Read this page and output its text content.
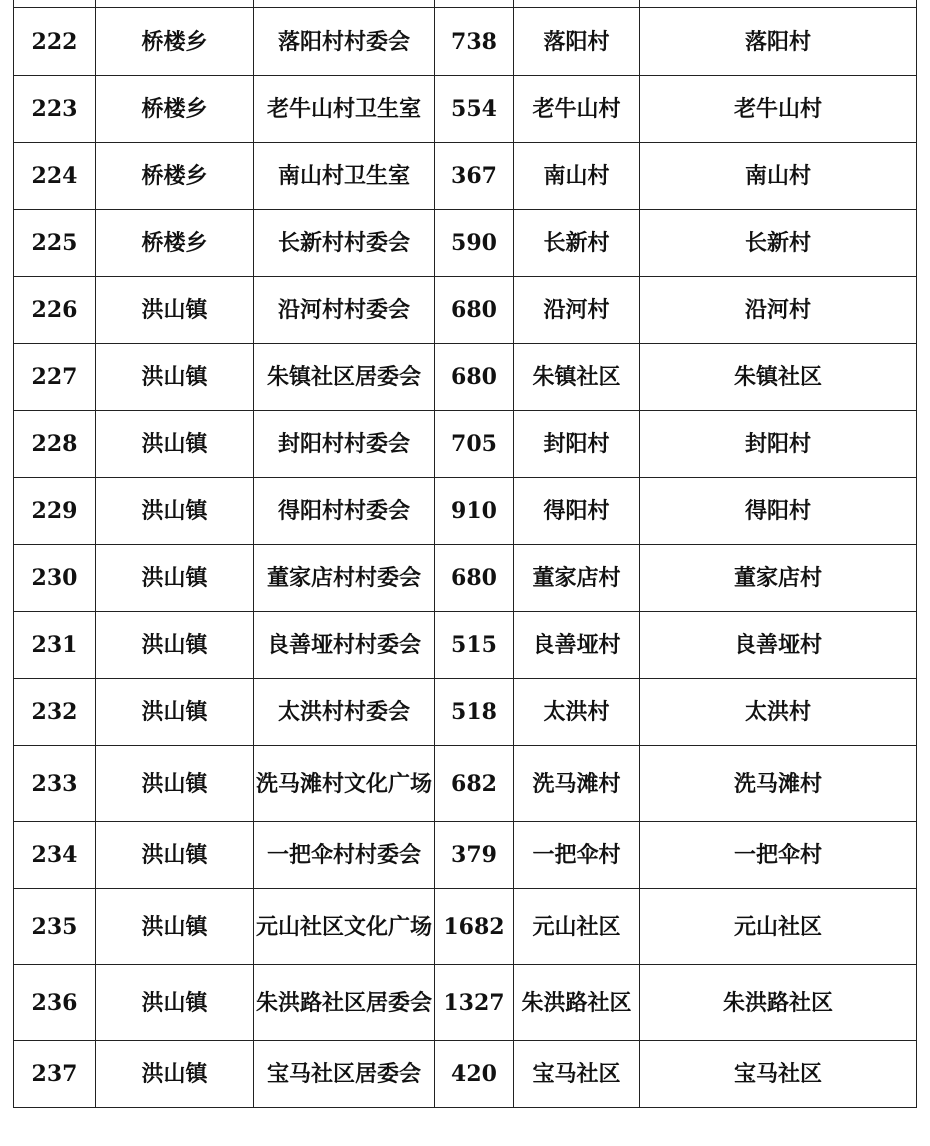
222	桥楼乡	落阳村村委会	738	落阳村	落阳村
223	桥楼乡	老牛山村卫生室	554	老牛山村	老牛山村
224	桥楼乡	南山村卫生室	367	南山村	南山村
225	桥楼乡	长新村村委会	590	长新村	长新村
226	洪山镇	沿河村村委会	680	沿河村	沿河村
227	洪山镇	朱镇社区居委会	680	朱镇社区	朱镇社区
228	洪山镇	封阳村村委会	705	封阳村	封阳村
229	洪山镇	得阳村村委会	910	得阳村	得阳村
230	洪山镇	董家店村村委会	680	董家店村	董家店村
231	洪山镇	良善垭村村委会	515	良善垭村	良善垭村
232	洪山镇	太洪村村委会	518	太洪村	太洪村
233	洪山镇	洗马滩村文化广场	682	洗马滩村	洗马滩村
234	洪山镇	一把伞村村委会	379	一把伞村	一把伞村
235	洪山镇	元山社区文化广场	1682	元山社区	元山社区
236	洪山镇	朱洪路社区居委会	1327	朱洪路社区	朱洪路社区
237	洪山镇	宝马社区居委会	420	宝马社区	宝马社区
